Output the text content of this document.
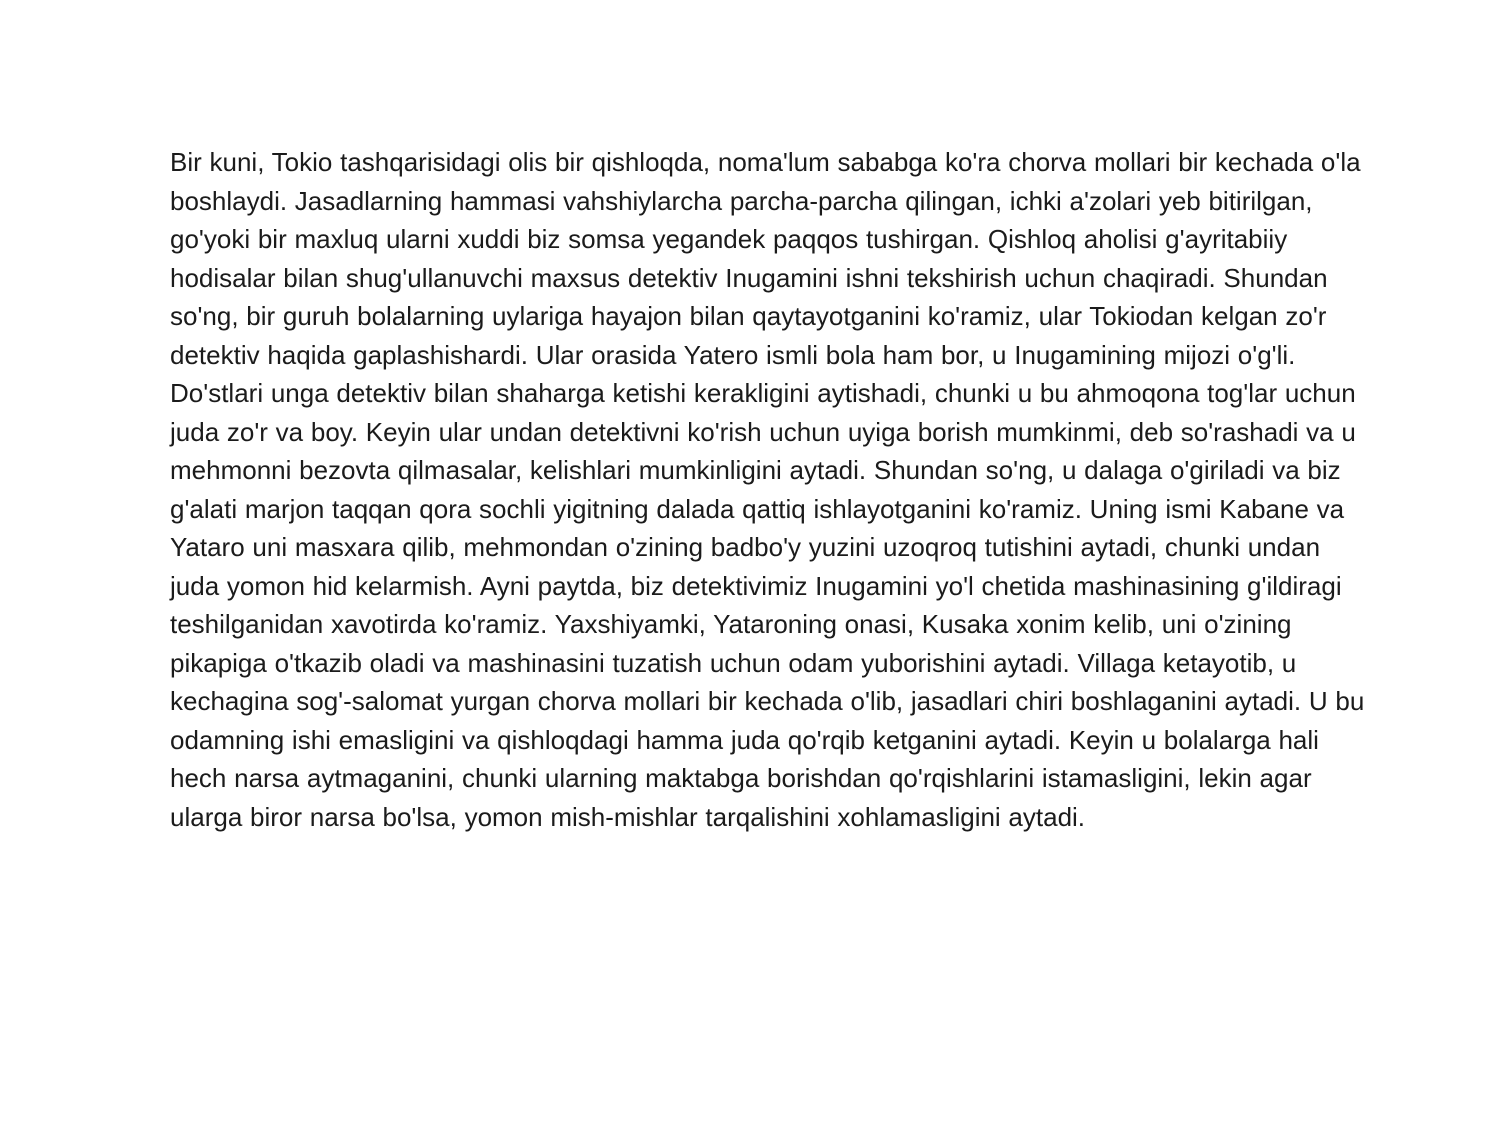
Bir kuni, Tokio tashqarisidagi olis bir qishloqda, noma'lum sababga ko'ra chorva mollari bir kechada o'la boshlaydi. Jasadlarning hammasi vahshiylarcha parcha-parcha qilingan, ichki a'zolari yeb bitirilgan, go'yoki bir maxluq ularni xuddi biz somsa yegandek paqqos tushirgan. Qishloq aholisi g'ayritabiiy hodisalar bilan shug'ullanuvchi maxsus detektiv Inugamini ishni tekshirish uchun chaqiradi. Shundan so'ng, bir guruh bolalarning uylariga hayajon bilan qaytayotganini ko'ramiz, ular Tokiodan kelgan zo'r detektiv haqida gaplashishardi. Ular orasida Yatero ismli bola ham bor, u Inugamining mijozi o'g'li. Do'stlari unga detektiv bilan shaharga ketishi kerakligini aytishadi, chunki u bu ahmoqona tog'lar uchun juda zo'r va boy. Keyin ular undan detektivni ko'rish uchun uyiga borish mumkinmi, deb so'rashadi va u mehmonni bezovta qilmasalar, kelishlari mumkinligini aytadi. Shundan so'ng, u dalaga o'giriladi va biz g'alati marjon taqqan qora sochli yigitning dalada qattiq ishlayotganini ko'ramiz. Uning ismi Kabane va Yataro uni masxara qilib, mehmondan o'zining badbo'y yuzini uzoqroq tutishini aytadi, chunki undan juda yomon hid kelarmish. Ayni paytda, biz detektivimiz Inugamini yo'l chetida mashinasining g'ildiragi teshilganidan xavotirda ko'ramiz. Yaxshiyamki, Yataroning onasi, Kusaka xonim kelib, uni o'zining pikapiga o'tkazib oladi va mashinasini tuzatish uchun odam yuborishini aytadi. Villaga ketayotib, u kechagina sog'-salomat yurgan chorva mollari bir kechada o'lib, jasadlari chiri boshlaganini aytadi. U bu odamning ishi emasligini va qishloqdagi hamma juda qo'rqib ketganini aytadi. Keyin u bolalarga hali hech narsa aytmaganini, chunki ularning maktabga borishdan qo'rqishlarini istamasligini, lekin agar ularga biror narsa bo'lsa, yomon mish-mishlar tarqalishini xohlamasligini aytadi.
